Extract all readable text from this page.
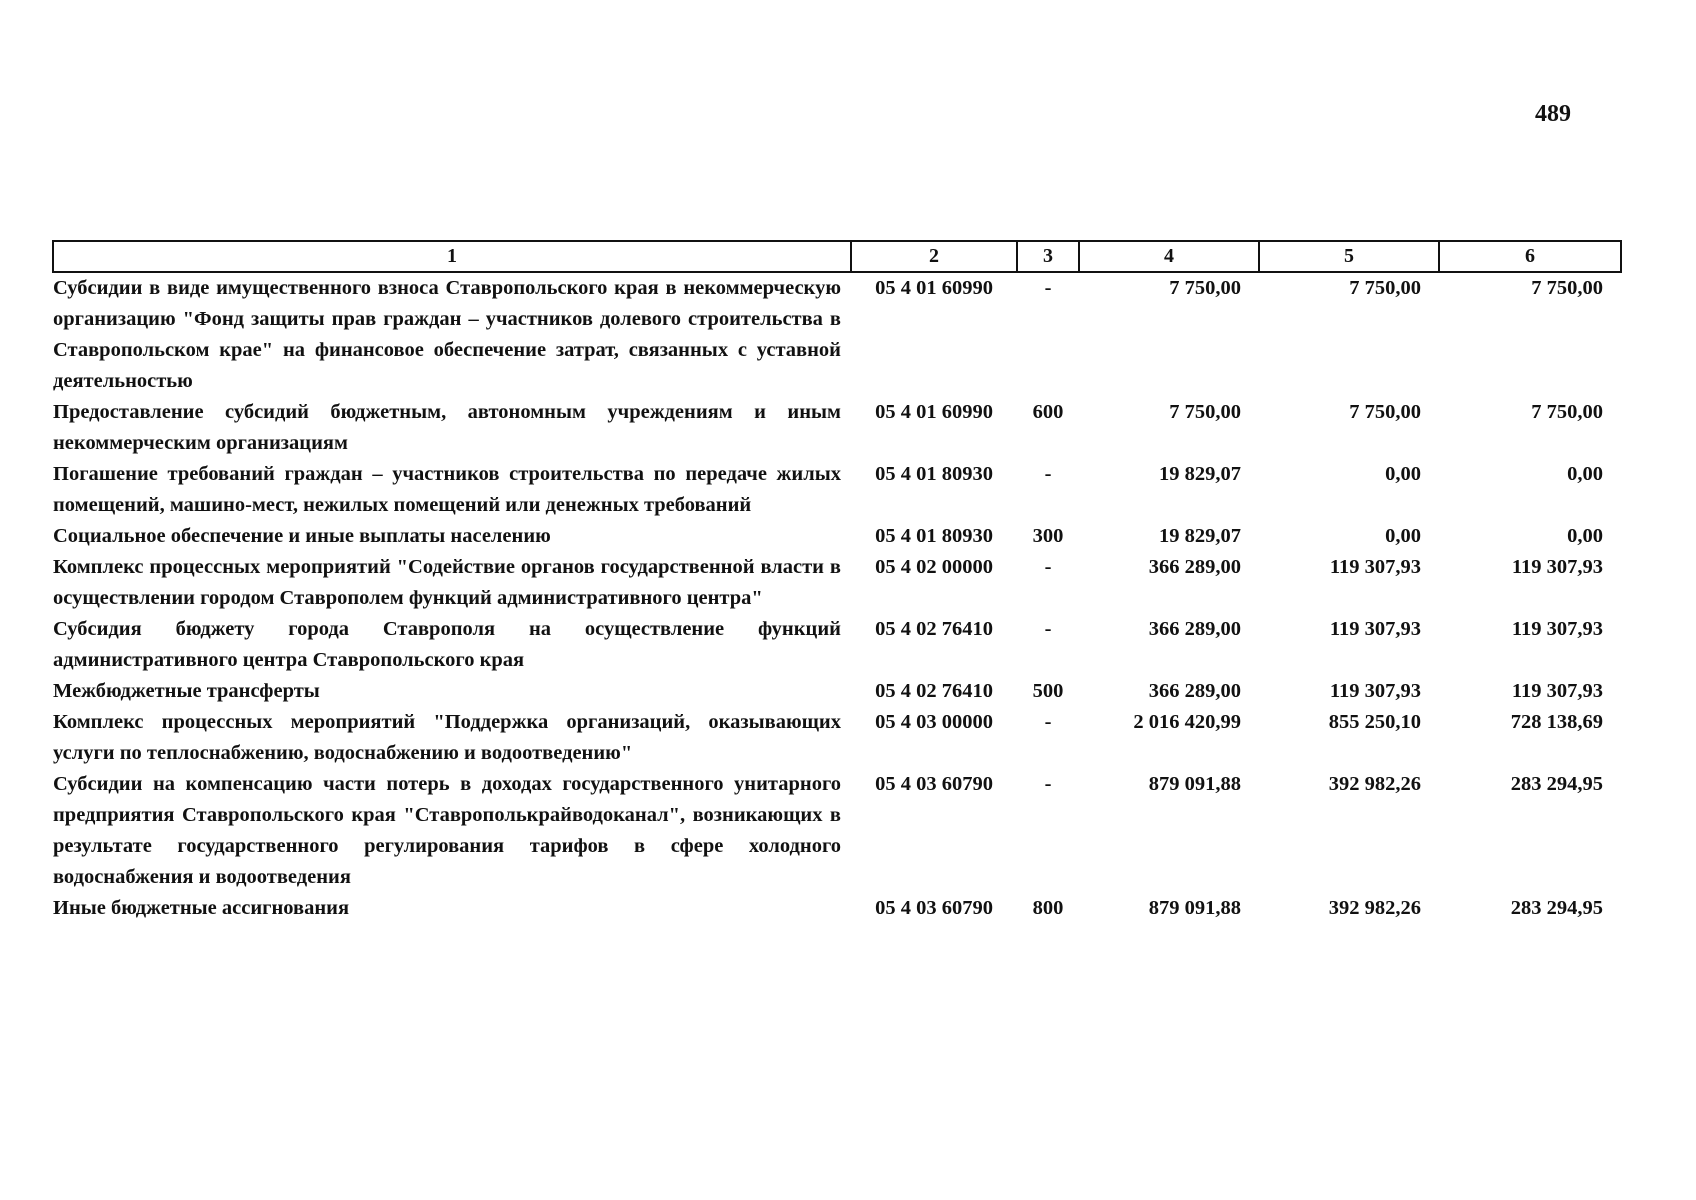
489
1	2	3	4	5	6
Субсидии в виде имущественного взноса Ставропольского края в некоммерческую организацию "Фонд защиты прав граждан – участников долевого строительства в Ставропольском крае" на финансовое обеспечение затрат, связанных с уставной деятельностью	05 4 01 60990	-	7 750,00	7 750,00	7 750,00
Предоставление субсидий бюджетным, автономным учреждениям и иным некоммерческим организациям	05 4 01 60990	600	7 750,00	7 750,00	7 750,00
Погашение требований граждан – участников строительства по передаче жилых помещений, машино-мест, нежилых помещений или денежных требований	05 4 01 80930	-	19 829,07	0,00	0,00
Социальное обеспечение и иные выплаты населению	05 4 01 80930	300	19 829,07	0,00	0,00
Комплекс процессных мероприятий "Содействие органов государственной власти в осуществлении городом Ставрополем функций административного центра"	05 4 02 00000	-	366 289,00	119 307,93	119 307,93
Субсидия бюджету города Ставрополя на осуществление функций административного центра Ставропольского края	05 4 02 76410	-	366 289,00	119 307,93	119 307,93
Межбюджетные трансферты	05 4 02 76410	500	366 289,00	119 307,93	119 307,93
Комплекс процессных мероприятий "Поддержка организаций, оказывающих услуги по теплоснабжению, водоснабжению и водоотведению"	05 4 03 00000	-	2 016 420,99	855 250,10	728 138,69
Субсидии на компенсацию части потерь в доходах государственного унитарного предприятия Ставропольского края "Ставрополькрайводоканал", возникающих в результате государственного регулирования тарифов в сфере холодного водоснабжения и водоотведения	05 4 03 60790	-	879 091,88	392 982,26	283 294,95
Иные бюджетные ассигнования	05 4 03 60790	800	879 091,88	392 982,26	283 294,95
